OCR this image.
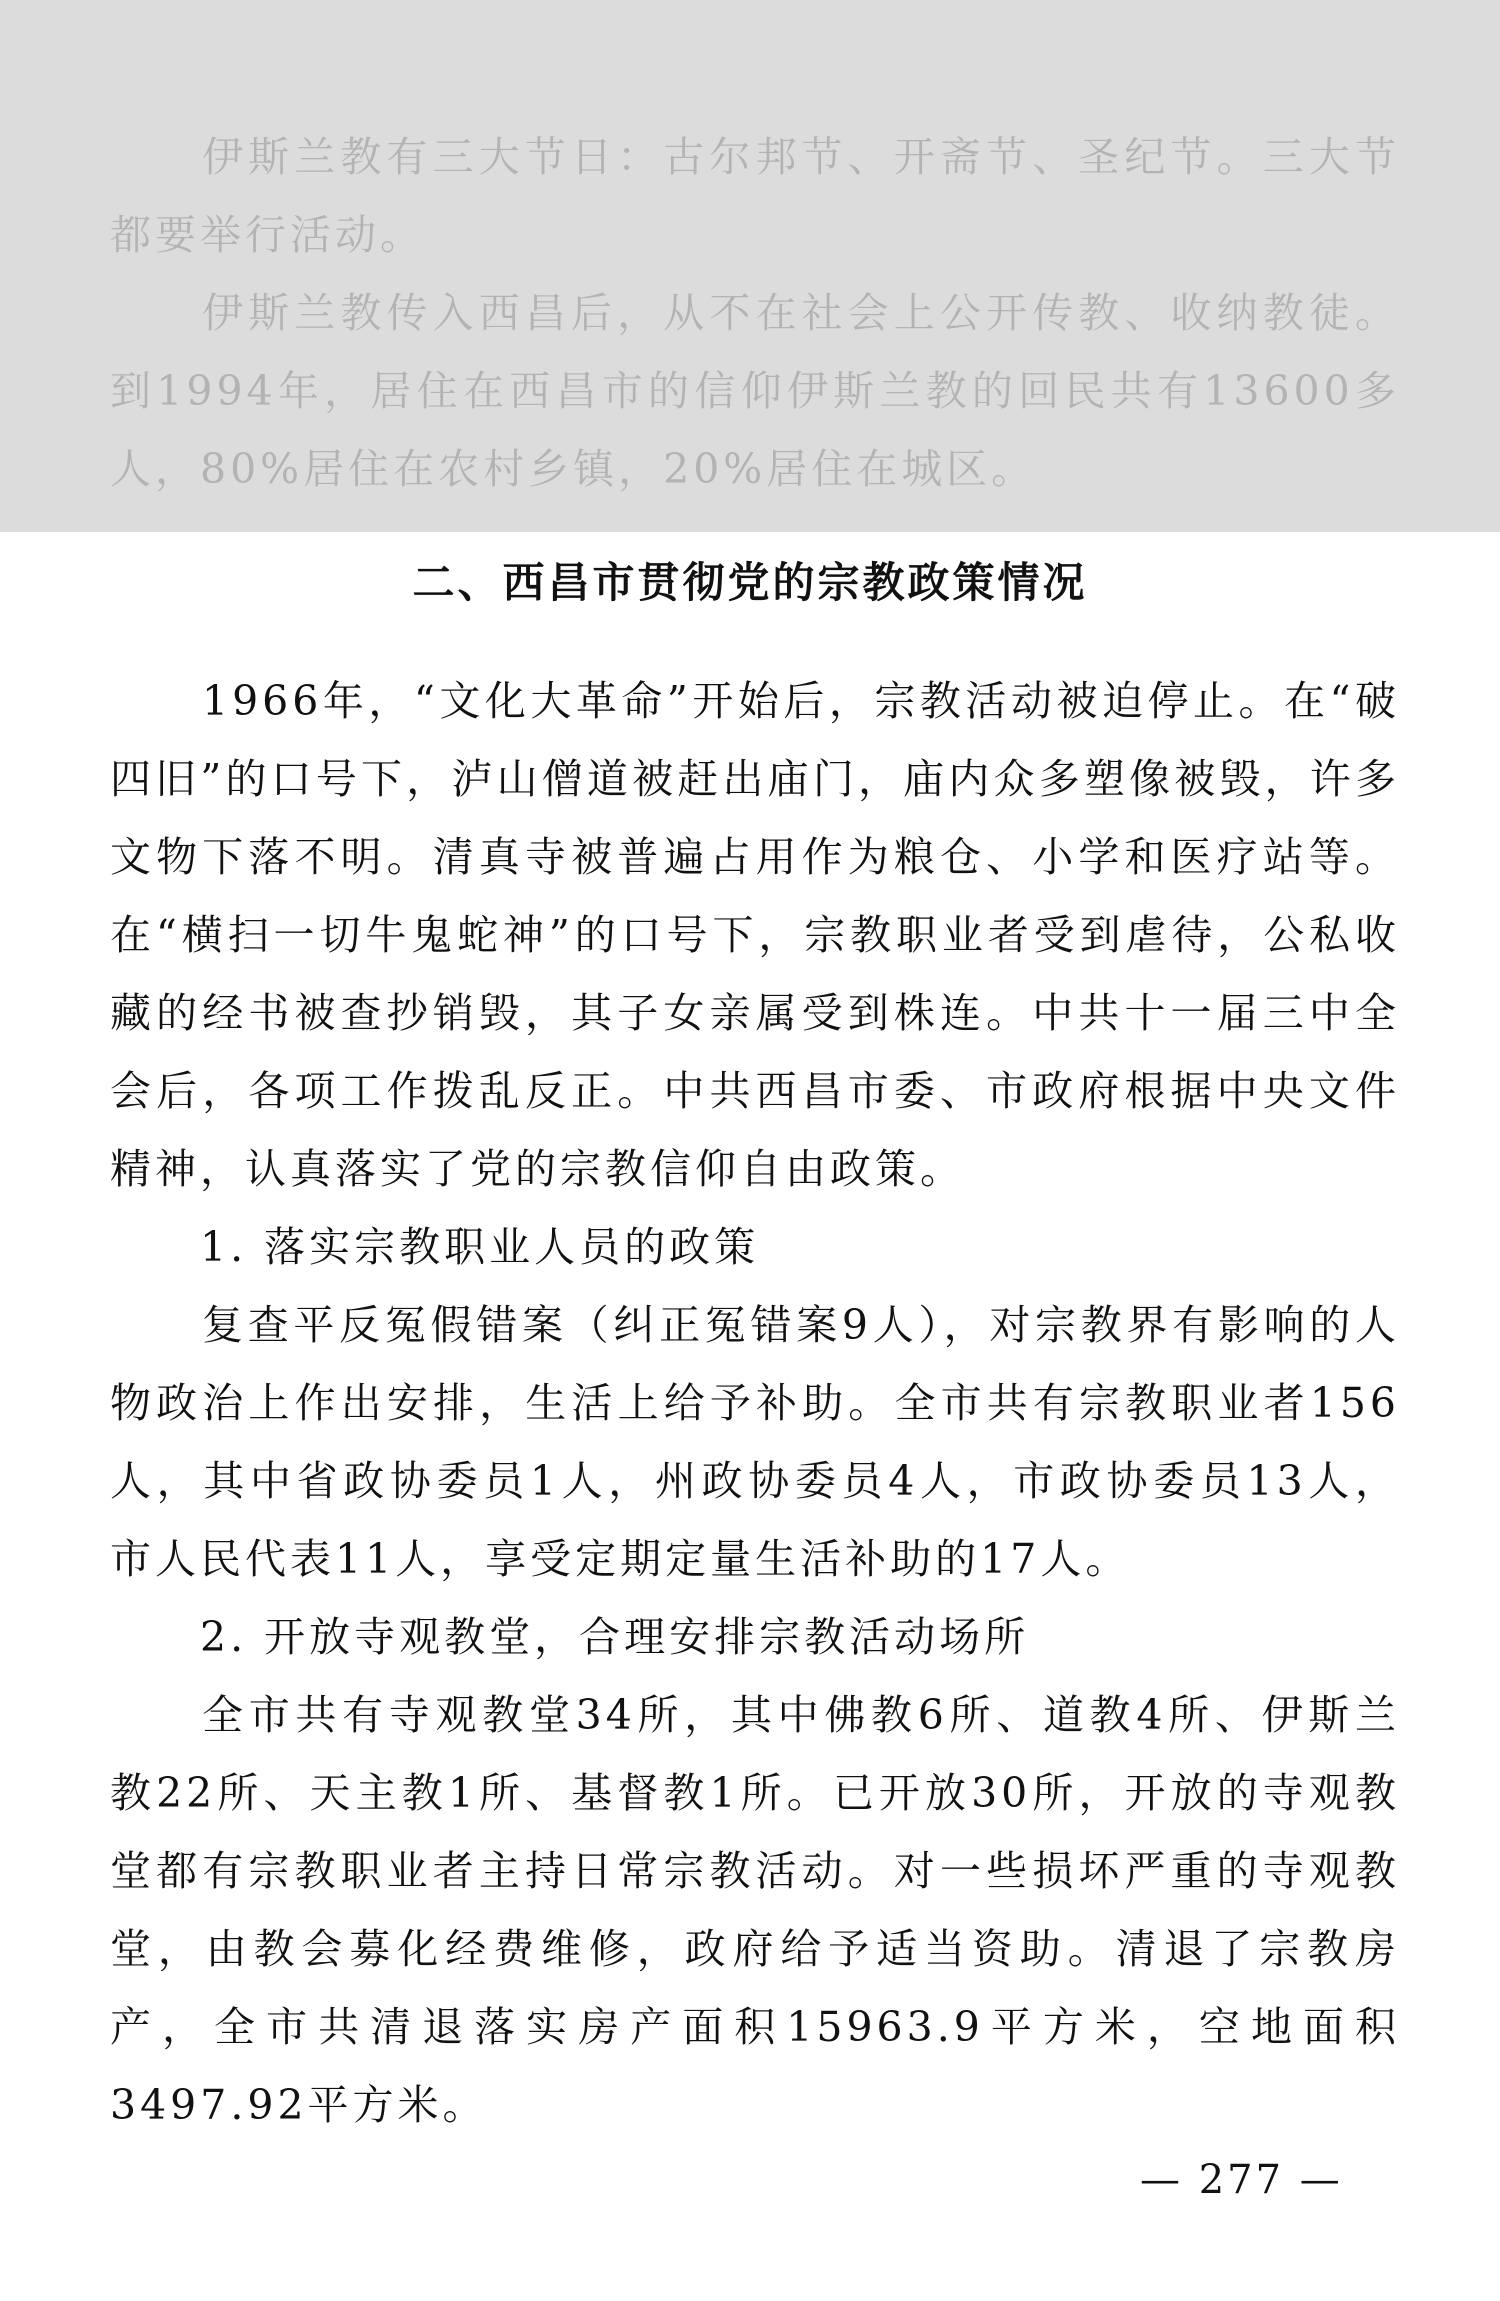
伊斯兰教有三大节日：古尔邦节、开斋节、圣纪节。三大节都要举行活动。

伊斯兰教传入西昌后，从不在社会上公开传教、收纳教徒。到1994年，居住在西昌市的信仰伊斯兰教的回民共有13600多人，80%居住在农村乡镇，20%居住在城区。

二、西昌市贯彻党的宗教政策情况

1966年，“文化大革命”开始后，宗教活动被迫停止。在“破四旧”的口号下，泸山僧道被赶出庙门，庙内众多塑像被毁，许多文物下落不明。清真寺被普遍占用作为粮仓、小学和医疗站等。在“横扫一切牛鬼蛇神”的口号下，宗教职业者受到虐待，公私收藏的经书被查抄销毁，其子女亲属受到株连。中共十一届三中全会后，各项工作拨乱反正。中共西昌市委、市政府根据中央文件精神，认真落实了党的宗教信仰自由政策。

1. 落实宗教职业人员的政策

复查平反冤假错案（纠正冤错案9人），对宗教界有影响的人物政治上作出安排，生活上给予补助。全市共有宗教职业者156人，其中省政协委员1人，州政协委员4人，市政协委员13人，市人民代表11人，享受定期定量生活补助的17人。

2. 开放寺观教堂，合理安排宗教活动场所

全市共有寺观教堂34所，其中佛教6所、道教4所、伊斯兰教22所、天主教1所、基督教1所。已开放30所，开放的寺观教堂都有宗教职业者主持日常宗教活动。对一些损坏严重的寺观教堂，由教会募化经费维修，政府给予适当资助。清退了宗教房产，全市共清退落实房产面积15963.9平方米，空地面积3497.92平方米。

— 277 —
